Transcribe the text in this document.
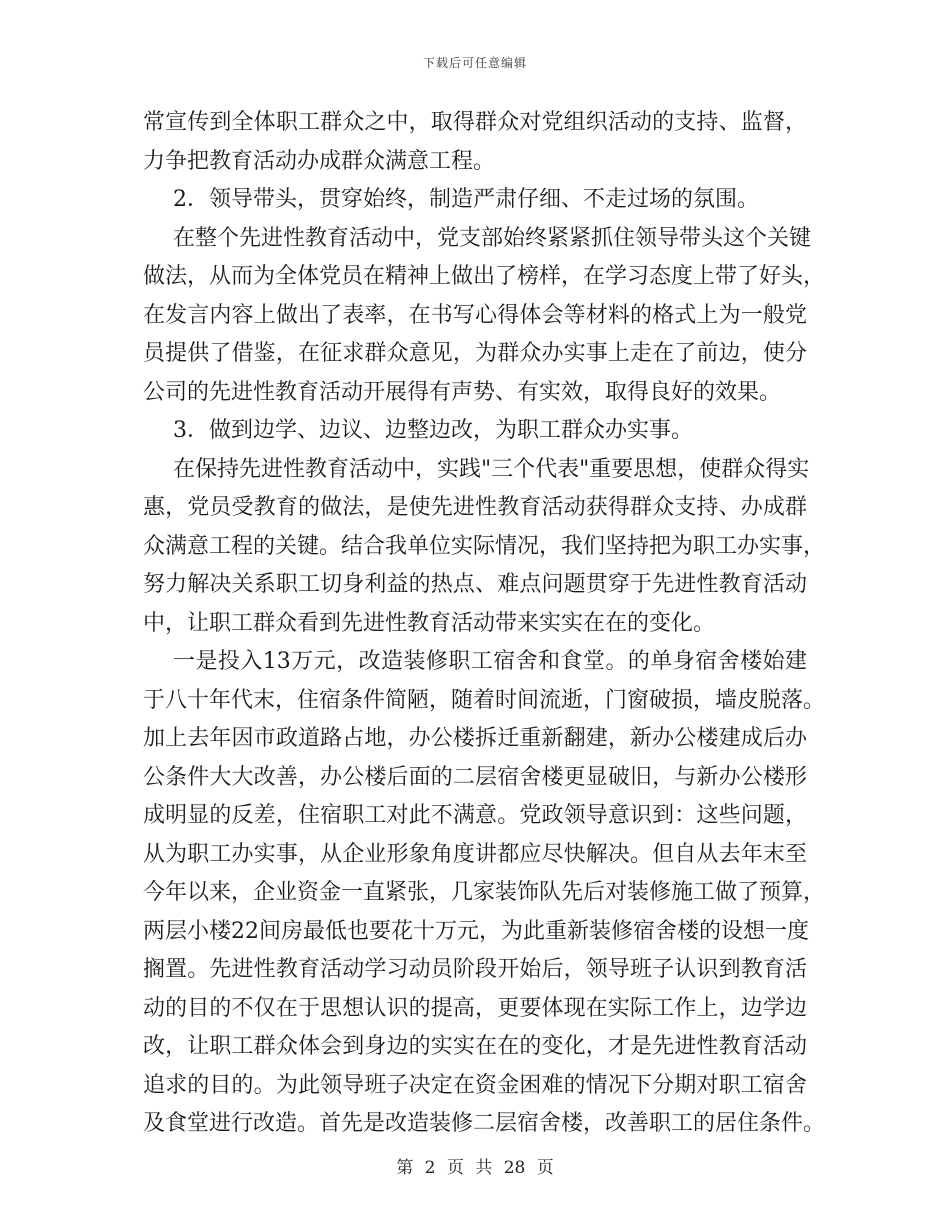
下载后可任意编辑
常宣传到全体职工群众之中，取得群众对党组织活动的支持、监督，
力争把教育活动办成群众满意工程。
2．领导带头，贯穿始终，制造严肃仔细、不走过场的氛围。
在整个先进性教育活动中，党支部始终紧紧抓住领导带头这个关键
做法，从而为全体党员在精神上做出了榜样，在学习态度上带了好头，
在发言内容上做出了表率，在书写心得体会等材料的格式上为一般党
员提供了借鉴，在征求群众意见，为群众办实事上走在了前边，使分
公司的先进性教育活动开展得有声势、有实效，取得良好的效果。
3．做到边学、边议、边整边改，为职工群众办实事。
在保持先进性教育活动中，实践"三个代表"重要思想，使群众得实
惠，党员受教育的做法，是使先进性教育活动获得群众支持、办成群
众满意工程的关键。结合我单位实际情况，我们坚持把为职工办实事，
努力解决关系职工切身利益的热点、难点问题贯穿于先进性教育活动
中，让职工群众看到先进性教育活动带来实实在在的变化。
一是投入13万元，改造装修职工宿舍和食堂。的单身宿舍楼始建
于八十年代末，住宿条件简陋，随着时间流逝，门窗破损，墙皮脱落。
加上去年因市政道路占地，办公楼拆迁重新翻建，新办公楼建成后办
公条件大大改善，办公楼后面的二层宿舍楼更显破旧，与新办公楼形
成明显的反差，住宿职工对此不满意。党政领导意识到：这些问题，
从为职工办实事，从企业形象角度讲都应尽快解决。但自从去年末至
今年以来，企业资金一直紧张，几家装饰队先后对装修施工做了预算，
两层小楼22间房最低也要花十万元，为此重新装修宿舍楼的设想一度
搁置。先进性教育活动学习动员阶段开始后，领导班子认识到教育活
动的目的不仅在于思想认识的提高，更要体现在实际工作上，边学边
改，让职工群众体会到身边的实实在在的变化，才是先进性教育活动
追求的目的。为此领导班子决定在资金困难的情况下分期对职工宿舍
及食堂进行改造。首先是改造装修二层宿舍楼，改善职工的居住条件。
第 2 页 共 28 页
